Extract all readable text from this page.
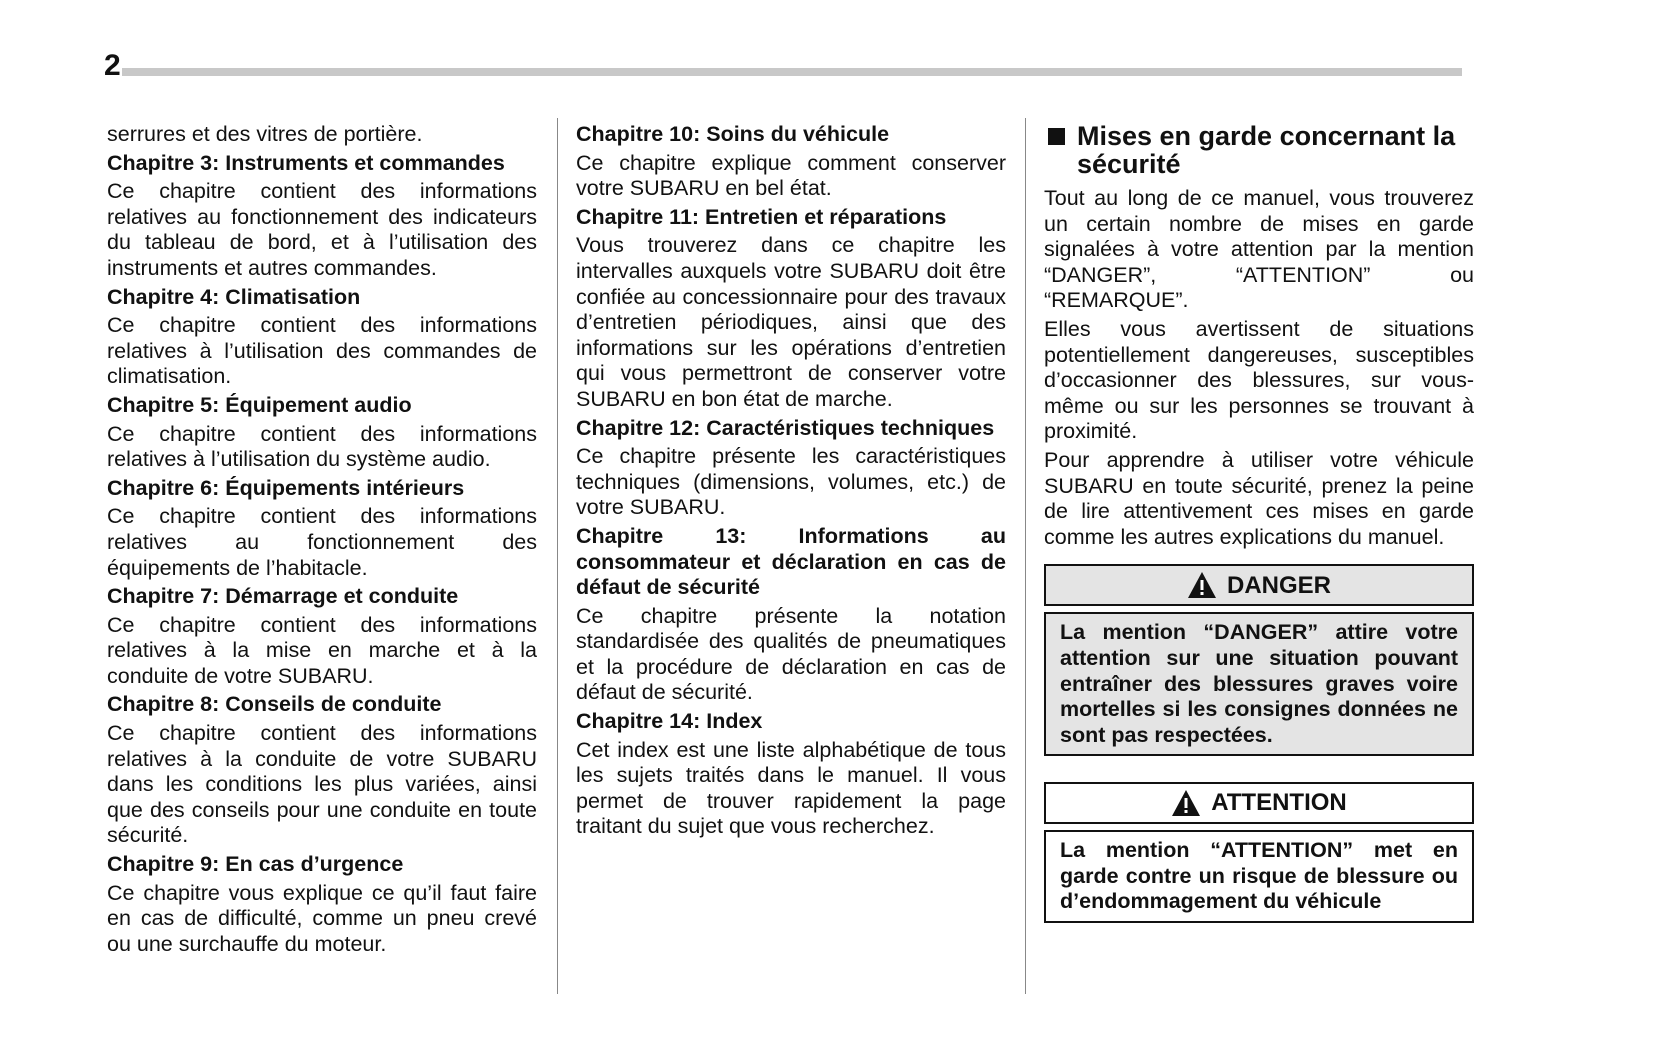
2

serrures et des vitres de portière.

Chapitre 3: Instruments et commandes

Ce chapitre contient des informations relatives au fonctionnement des indicateurs du tableau de bord, et à l’utilisation des instruments et autres commandes.

Chapitre 4: Climatisation

Ce chapitre contient des informations relatives à l’utilisation des commandes de climatisation.

Chapitre 5: Équipement audio

Ce chapitre contient des informations relatives à l’utilisation du système audio.

Chapitre 6: Équipements intérieurs

Ce chapitre contient des informations relatives au fonctionnement des équipements de l’habitacle.

Chapitre 7: Démarrage et conduite

Ce chapitre contient des informations relatives à la mise en marche et à la conduite de votre SUBARU.

Chapitre 8: Conseils de conduite

Ce chapitre contient des informations relatives à la conduite de votre SUBARU dans les conditions les plus variées, ainsi que des conseils pour une conduite en toute sécurité.

Chapitre 9: En cas d’urgence

Ce chapitre vous explique ce qu’il faut faire en cas de difficulté, comme un pneu crevé ou une surchauffe du moteur.

Chapitre 10: Soins du véhicule

Ce chapitre explique comment conserver votre SUBARU en bel état.

Chapitre 11: Entretien et réparations

Vous trouverez dans ce chapitre les intervalles auxquels votre SUBARU doit être confiée au concessionnaire pour des travaux d’entretien périodiques, ainsi que des informations sur les opérations d’entretien qui vous permettront de conserver votre SUBARU en bon état de marche.

Chapitre 12: Caractéristiques techniques

Ce chapitre présente les caractéristiques techniques (dimensions, volumes, etc.) de votre SUBARU.

Chapitre 13: Informations au consommateur et déclaration en cas de défaut de sécurité

Ce chapitre présente la notation standardisée des qualités de pneumatiques et la procédure de déclaration en cas de défaut de sécurité.

Chapitre 14: Index

Cet index est une liste alphabétique de tous les sujets traités dans le manuel. Il vous permet de trouver rapidement la page traitant du sujet que vous recherchez.

Mises en garde concernant la sécurité

Tout au long de ce manuel, vous trouverez un certain nombre de mises en garde signalées à votre attention par la mention “DANGER”, “ATTENTION” ou “REMARQUE”.

Elles vous avertissent de situations potentiellement dangereuses, susceptibles d’occasionner des blessures, sur vous-même ou sur les personnes se trouvant à proximité.

Pour apprendre à utiliser votre véhicule SUBARU en toute sécurité, prenez la peine de lire attentivement ces mises en garde comme les autres explications du manuel.

DANGER
La mention “DANGER” attire votre attention sur une situation pouvant entraîner des blessures graves voire mortelles si les consignes données ne sont pas respectées.
ATTENTION
La mention “ATTENTION” met en garde contre un risque de blessure ou d’endommagement du véhicule
